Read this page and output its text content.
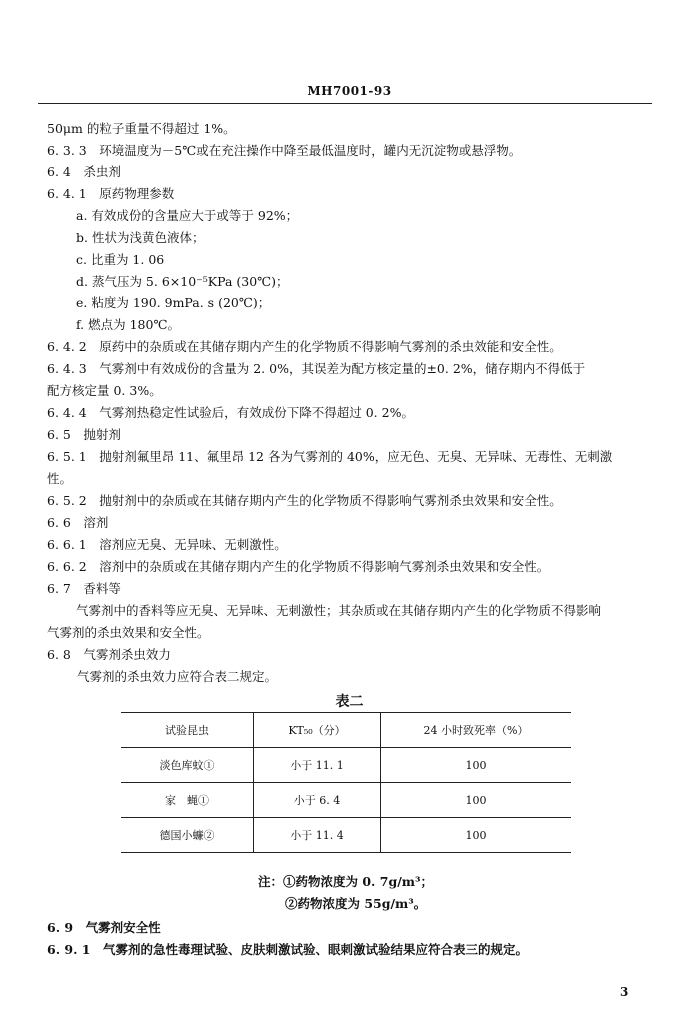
MH7001-93
50μm 的粒子重量不得超过 1%。
6. 3. 3　环境温度为－5℃或在充注操作中降至最低温度时，罐内无沉淀物或悬浮物。
6. 4　杀虫剂
6. 4. 1　原药物理参数
a. 有效成份的含量应大于或等于 92%；
b. 性状为浅黄色液体；
c. 比重为 1. 06
d. 蒸气压为 5. 6×10⁻⁵KPa (30℃)；
e. 粘度为 190. 9mPa. s (20℃)；
f. 燃点为 180℃。
6. 4. 2　原药中的杂质或在其储存期内产生的化学物质不得影响气雾剂的杀虫效能和安全性。
6. 4. 3　气雾剂中有效成份的含量为 2. 0%，其误差为配方核定量的±0. 2%，储存期内不得低于
配方核定量 0. 3%。
6. 4. 4　气雾剂热稳定性试验后，有效成份下降不得超过 0. 2%。
6. 5　抛射剂
6. 5. 1　抛射剂氟里昂 11、氟里昂 12 各为气雾剂的 40%，应无色、无臭、无异味、无毒性、无刺激
性。
6. 5. 2　抛射剂中的杂质或在其储存期内产生的化学物质不得影响气雾剂杀虫效果和安全性。
6. 6　溶剂
6. 6. 1　溶剂应无臭、无异味、无刺激性。
6. 6. 2　溶剂中的杂质或在其储存期内产生的化学物质不得影响气雾剂杀虫效果和安全性。
6. 7　香料等
气雾剂中的香料等应无臭、无异味、无刺激性；其杂质或在其储存期内产生的化学物质不得影响
气雾剂的杀虫效果和安全性。
6. 8　气雾剂杀虫效力
气雾剂的杀虫效力应符合表二规定。
表二
试验昆虫	KT₅₀（分）	24 小时致死率（%）
淡色库蚊①	小于 11. 1	100
家　蝇①	小于 6. 4	100
德国小蠊②	小于 11. 4	100
注：①药物浓度为 0. 7g/m³；
②药物浓度为 55g/m³。
6. 9　气雾剂安全性
6. 9. 1　气雾剂的急性毒理试验、皮肤刺激试验、眼刺激试验结果应符合表三的规定。
3
